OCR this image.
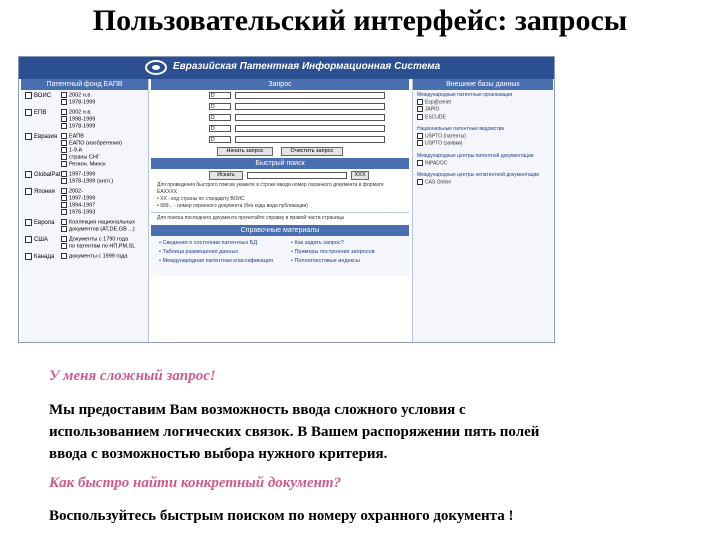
Пользовательский интерфейс: запросы
Евразийская Патентная Информационная Система
Патентный фонд ЕАПВ
ВОИС	2002 н.в.
1978-1999
ЕПВ	2002 н.в.
1998-1999
1978-1999
Евразия	ЕАПВ
ЕАПО (изобретения)
1-9-й
страны СНГ
Регион. Минск
GlobalPat	1997-1999
1978-1999 (англ.)
Япония	2002-
1997-1999
1994-1997
1976-1993
Европа	Коллекция национальных
документов (AT,DE,GB ...)
США	Документы с 1790 года
по патентам по НП,РМ,SL
Канада	документы с 1999 года
Запрос
D
D
D
D
D
Начать запрос	Очистить запрос
Быстрый поиск
Искать	XXX
Для проведения быстрого поиска укажите в строке ввода номер охранного документа в формате ЕАХХХХ
• ХХ - код страны по стандарту ВОИС
• 999... - номер охранного документа (без кода вида публикации)
Для поиска последнего документа прочитайте справку в правой части страницы
Справочные материалы
• Сведения о состоянии патентных БД
• Таблица размещения данных
• Международная патентная классификация
• Как задать запрос?
• Примеры построения запросов
• Полнотекстовые индексы
Внешние базы данных
Международные патентные организации
Esp@cenet
JAPIO
ESCUDE
Национальные патентные ведомства
USPTO (патенты)
USPTO (заявки)
Международные центры патентной документации
INPADOC
Международные центры непатентной документации
CAS Online
У меня сложный запрос!
Мы предоставим Вам возможность ввода сложного условия с
использованием логических связок. В Вашем распоряжении пять полей
ввода с возможностью выбора нужного критерия.
Как быстро найти конкретный документ?
Воспользуйтесь быстрым поиском по номеру охранного документа !
